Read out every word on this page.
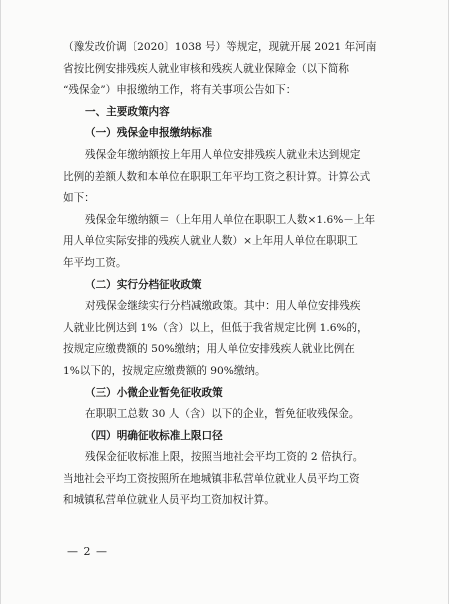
（豫发改价调〔2020〕1038 号）等规定，现就开展 2021 年河南
省按比例安排残疾人就业审核和残疾人就业保障金（以下简称
“残保金”）申报缴纳工作，将有关事项公告如下：
一、主要政策内容
（一）残保金申报缴纳标准
残保金年缴纳额按上年用人单位安排残疾人就业未达到规定
比例的差额人数和本单位在职职工年平均工资之积计算。计算公式
如下：
残保金年缴纳额＝（上年用人单位在职职工人数×1.6%－上年
用人单位实际安排的残疾人就业人数）×上年用人单位在职职工
年平均工资。
（二）实行分档征收政策
对残保金继续实行分档减缴政策。其中：用人单位安排残疾
人就业比例达到 1%（含）以上，但低于我省规定比例 1.6%的，
按规定应缴费额的 50%缴纳；用人单位安排残疾人就业比例在
1%以下的，按规定应缴费额的 90%缴纳。
（三）小微企业暂免征收政策
在职职工总数 30 人（含）以下的企业，暂免征收残保金。
（四）明确征收标准上限口径
残保金征收标准上限，按照当地社会平均工资的 2 倍执行。
当地社会平均工资按照所在地城镇非私营单位就业人员平均工资
和城镇私营单位就业人员平均工资加权计算。
— 2 —
